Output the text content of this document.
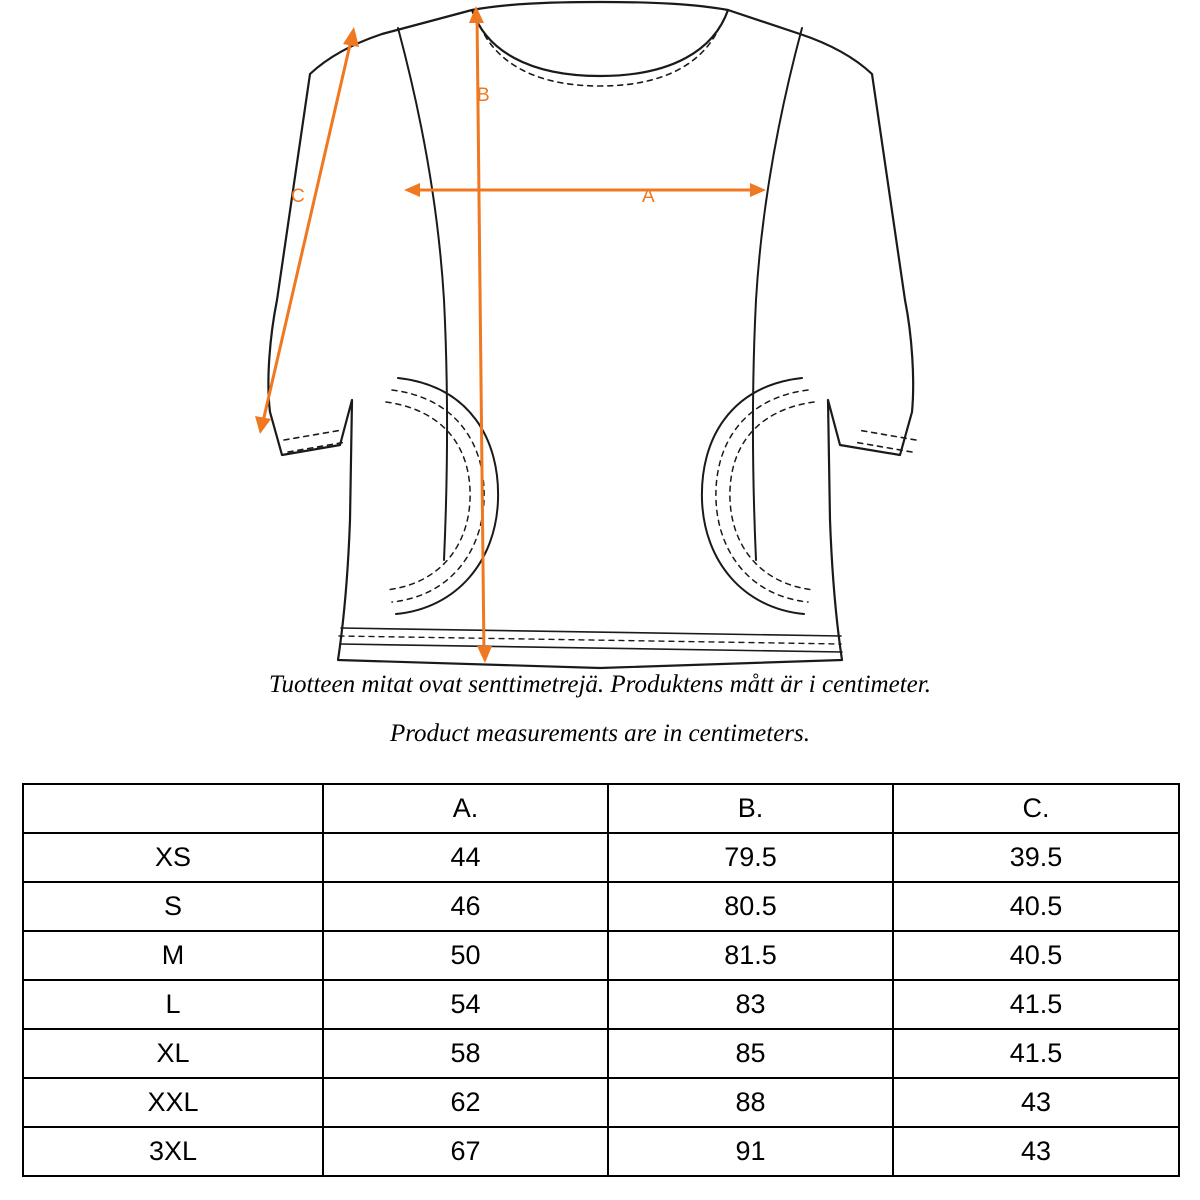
B
C	A
Tuotteen mitat ovat senttimetrejä. Produktens mått är i centimeter.
Product measurements are in centimeters.
	A.	B.	C.
XS	44	79.5	39.5
S	46	80.5	40.5
M	50	81.5	40.5
L	54	83	41.5
XL	58	85	41.5
XXL	62	88	43
3XL	67	91	43
